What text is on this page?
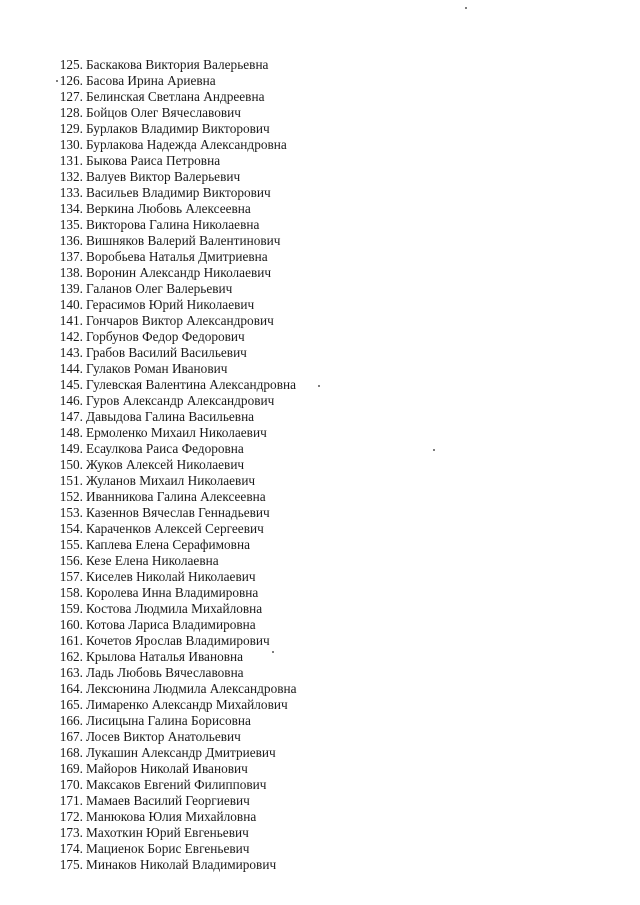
125. Баскакова Виктория Валерьевна
126. Басова Ирина Ариевна
127. Белинская Светлана Андреевна
128. Бойцов Олег Вячеславович
129. Бурлаков Владимир Викторович
130. Бурлакова Надежда Александровна
131. Быкова Раиса Петровна
132. Валуев Виктор Валерьевич
133. Васильев Владимир Викторович
134. Веркина Любовь Алексеевна
135. Викторова Галина Николаевна
136. Вишняков Валерий Валентинович
137. Воробьева Наталья Дмитриевна
138. Воронин Александр Николаевич
139. Галанов Олег Валерьевич
140. Герасимов Юрий Николаевич
141. Гончаров Виктор Александрович
142. Горбунов Федор Федорович
143. Грабов Василий Васильевич
144. Гулаков Роман Иванович
145. Гулевская Валентина Александровна
146. Гуров Александр Александрович
147. Давыдова Галина Васильевна
148. Ермоленко Михаил Николаевич
149. Есаулкова Раиса Федоровна
150. Жуков Алексей Николаевич
151. Жуланов Михаил Николаевич
152. Иванникова Галина Алексеевна
153. Казеннов Вячеслав Геннадьевич
154. Караченков Алексей Сергеевич
155. Каплева Елена Серафимовна
156. Кезе Елена Николаевна
157. Киселев Николай Николаевич
158. Королева Инна Владимировна
159. Костова Людмила Михайловна
160. Котова Лариса Владимировна
161. Кочетов Ярослав Владимирович
162. Крылова Наталья Ивановна
163. Ладь Любовь Вячеславовна
164. Лексюнина Людмила Александровна
165. Лимаренко Александр Михайлович
166. Лисицына Галина Борисовна
167. Лосев Виктор Анатольевич
168. Лукашин Александр Дмитриевич
169. Майоров Николай Иванович
170. Максаков Евгений Филиппович
171. Мамаев Василий Георгиевич
172. Манюкова Юлия Михайловна
173. Махоткин Юрий Евгеньевич
174. Мациенок Борис Евгеньевич
175. Минаков Николай Владимирович
